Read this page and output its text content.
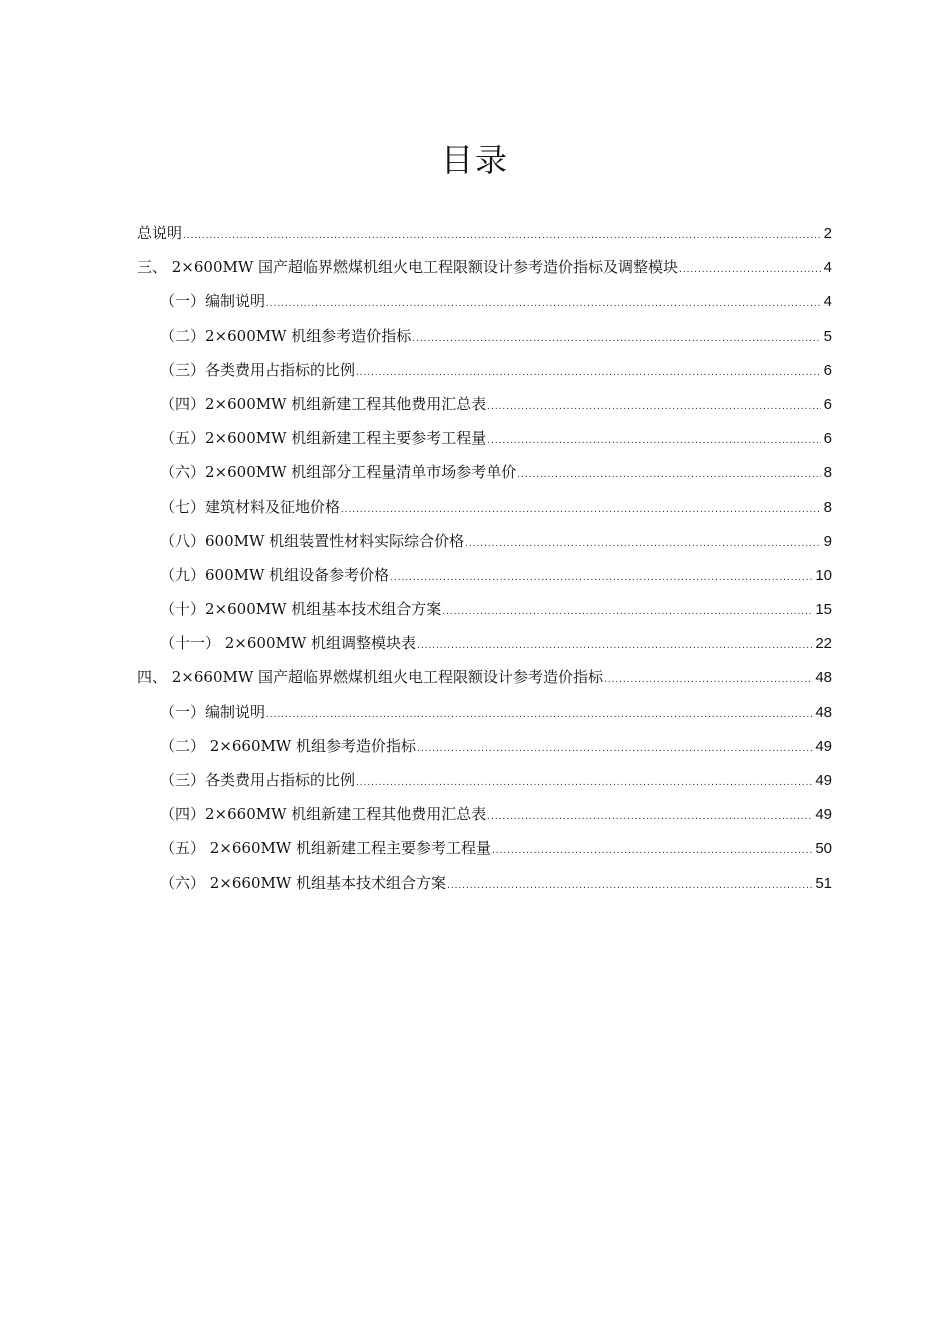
目录
总说明 .....	2
三、 2×600MW 国产超临界燃煤机组火电工程限额设计参考造价指标及调整模块 .....	4
（一）编制说明 .....	4
（二）2×600MW 机组参考造价指标 .....	5
（三）各类费用占指标的比例 .....	6
（四）2×600MW 机组新建工程其他费用汇总表 .....	6
（五）2×600MW 机组新建工程主要参考工程量 .....	6
（六）2×600MW 机组部分工程量清单市场参考单价 .....	8
（七）建筑材料及征地价格 .....	8
（八）600MW 机组装置性材料实际综合价格 .....	9
（九）600MW 机组设备参考价格 .....	10
（十）2×600MW 机组基本技术组合方案 .....	15
（十一） 2×600MW 机组调整模块表 .....	22
四、 2×660MW 国产超临界燃煤机组火电工程限额设计参考造价指标 .....	48
（一）编制说明 .....	48
（二） 2×660MW 机组参考造价指标 .....	49
（三）各类费用占指标的比例 .....	49
（四）2×660MW 机组新建工程其他费用汇总表 .....	49
（五） 2×660MW 机组新建工程主要参考工程量 .....	50
（六） 2×660MW 机组基本技术组合方案 .....	51
